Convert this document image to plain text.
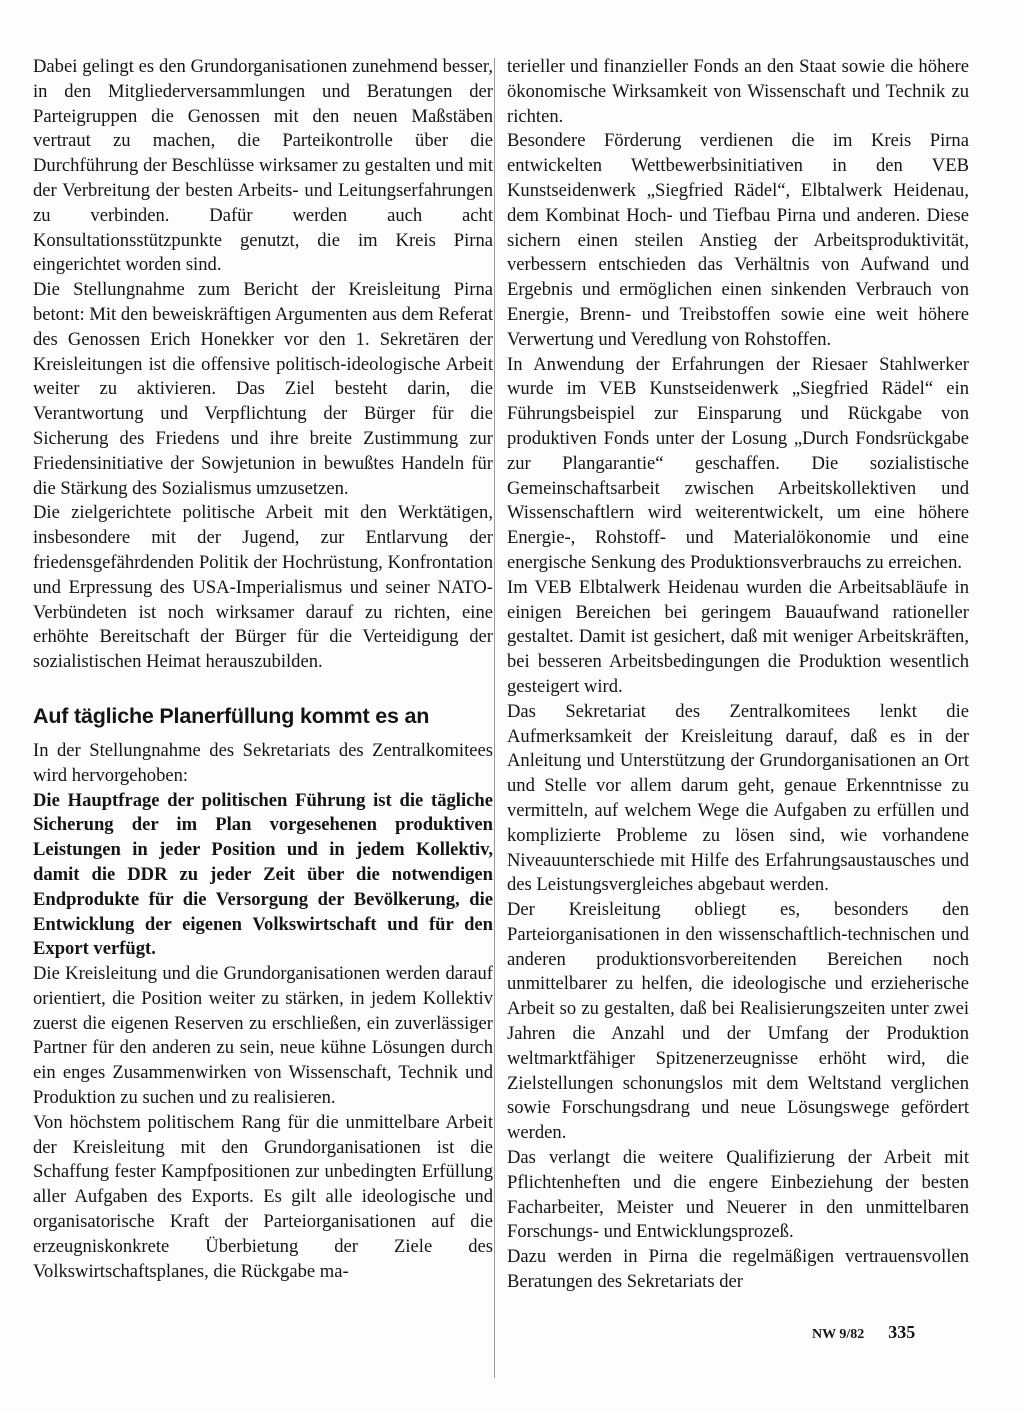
Dabei gelingt es den Grundorganisationen zunehmend besser, in den Mitgliederversammlungen und Beratungen der Parteigruppen die Genossen mit den neuen Maßstäben vertraut zu machen, die Parteikontrolle über die Durchführung der Beschlüsse wirksamer zu gestalten und mit der Verbreitung der besten Arbeits- und Leitungserfahrungen zu verbinden. Dafür werden auch acht Konsultationsstützpunkte genutzt, die im Kreis Pirna eingerichtet worden sind.

Die Stellungnahme zum Bericht der Kreisleitung Pirna betont: Mit den beweiskräftigen Argumenten aus dem Referat des Genossen Erich Honekker vor den 1. Sekretären der Kreisleitungen ist die offensive politisch-ideologische Arbeit weiter zu aktivieren. Das Ziel besteht darin, die Verantwortung und Verpflichtung der Bürger für die Sicherung des Friedens und ihre breite Zustimmung zur Friedensinitiative der Sowjetunion in bewußtes Handeln für die Stärkung des Sozialismus umzusetzen.

Die zielgerichtete politische Arbeit mit den Werktätigen, insbesondere mit der Jugend, zur Entlarvung der friedensgefährdenden Politik der Hochrüstung, Konfrontation und Erpressung des USA-Imperialismus und seiner NATO-Verbündeten ist noch wirksamer darauf zu richten, eine erhöhte Bereitschaft der Bürger für die Verteidigung der sozialistischen Heimat herauszubilden.

Auf tägliche Planerfüllung kommt es an

In der Stellungnahme des Sekretariats des Zentralkomitees wird hervorgehoben:

Die Hauptfrage der politischen Führung ist die tägliche Sicherung der im Plan vorgesehenen produktiven Leistungen in jeder Position und in jedem Kollektiv, damit die DDR zu jeder Zeit über die notwendigen Endprodukte für die Versorgung der Bevölkerung, die Entwicklung der eigenen Volkswirtschaft und für den Export verfügt.

Die Kreisleitung und die Grundorganisationen werden darauf orientiert, die Position weiter zu stärken, in jedem Kollektiv zuerst die eigenen Reserven zu erschließen, ein zuverlässiger Partner für den anderen zu sein, neue kühne Lösungen durch ein enges Zusammenwirken von Wissenschaft, Technik und Produktion zu suchen und zu realisieren.

Von höchstem politischem Rang für die unmittelbare Arbeit der Kreisleitung mit den Grundorganisationen ist die Schaffung fester Kampfpositionen zur unbedingten Erfüllung aller Aufgaben des Exports. Es gilt alle ideologische und organisatorische Kraft der Parteiorganisationen auf die erzeugniskonkrete Überbietung der Ziele des Volkswirtschaftsplanes, die Rückgabe ma-

terieller und finanzieller Fonds an den Staat sowie die höhere ökonomische Wirksamkeit von Wissenschaft und Technik zu richten.

Besondere Förderung verdienen die im Kreis Pirna entwickelten Wettbewerbsinitiativen in den VEB Kunstseidenwerk „Siegfried Rädel“, Elbtalwerk Heidenau, dem Kombinat Hoch- und Tiefbau Pirna und anderen. Diese sichern einen steilen Anstieg der Arbeitsproduktivität, verbessern entschieden das Verhältnis von Aufwand und Ergebnis und ermöglichen einen sinkenden Verbrauch von Energie, Brenn- und Treibstoffen sowie eine weit höhere Verwertung und Veredlung von Rohstoffen.

In Anwendung der Erfahrungen der Riesaer Stahlwerker wurde im VEB Kunstseidenwerk „Siegfried Rädel“ ein Führungsbeispiel zur Einsparung und Rückgabe von produktiven Fonds unter der Losung „Durch Fondsrückgabe zur Plangarantie“ geschaffen. Die sozialistische Gemeinschaftsarbeit zwischen Arbeitskollektiven und Wissenschaftlern wird weiterentwickelt, um eine höhere Energie-, Rohstoff- und Materialökonomie und eine energische Senkung des Produktionsverbrauchs zu erreichen.

Im VEB Elbtalwerk Heidenau wurden die Arbeitsabläufe in einigen Bereichen bei geringem Bauaufwand rationeller gestaltet. Damit ist gesichert, daß mit weniger Arbeitskräften, bei besseren Arbeitsbedingungen die Produktion wesentlich gesteigert wird.

Das Sekretariat des Zentralkomitees lenkt die Aufmerksamkeit der Kreisleitung darauf, daß es in der Anleitung und Unterstützung der Grundorganisationen an Ort und Stelle vor allem darum geht, genaue Erkenntnisse zu vermitteln, auf welchem Wege die Aufgaben zu erfüllen und komplizierte Probleme zu lösen sind, wie vorhandene Niveauunterschiede mit Hilfe des Erfahrungsaustausches und des Leistungsvergleiches abgebaut werden.

Der Kreisleitung obliegt es, besonders den Parteiorganisationen in den wissenschaftlich-technischen und anderen produktionsvorbereitenden Bereichen noch unmittelbarer zu helfen, die ideologische und erzieherische Arbeit so zu gestalten, daß bei Realisierungszeiten unter zwei Jahren die Anzahl und der Umfang der Produktion weltmarktfähiger Spitzenerzeugnisse erhöht wird, die Zielstellungen schonungslos mit dem Weltstand verglichen sowie Forschungsdrang und neue Lösungswege gefördert werden.

Das verlangt die weitere Qualifizierung der Arbeit mit Pflichtenheften und die engere Einbeziehung der besten Facharbeiter, Meister und Neuerer in den unmittelbaren Forschungs- und Entwicklungsprozeß.

Dazu werden in Pirna die regelmäßigen vertrauensvollen Beratungen des Sekretariats der

NW 9/82 335
